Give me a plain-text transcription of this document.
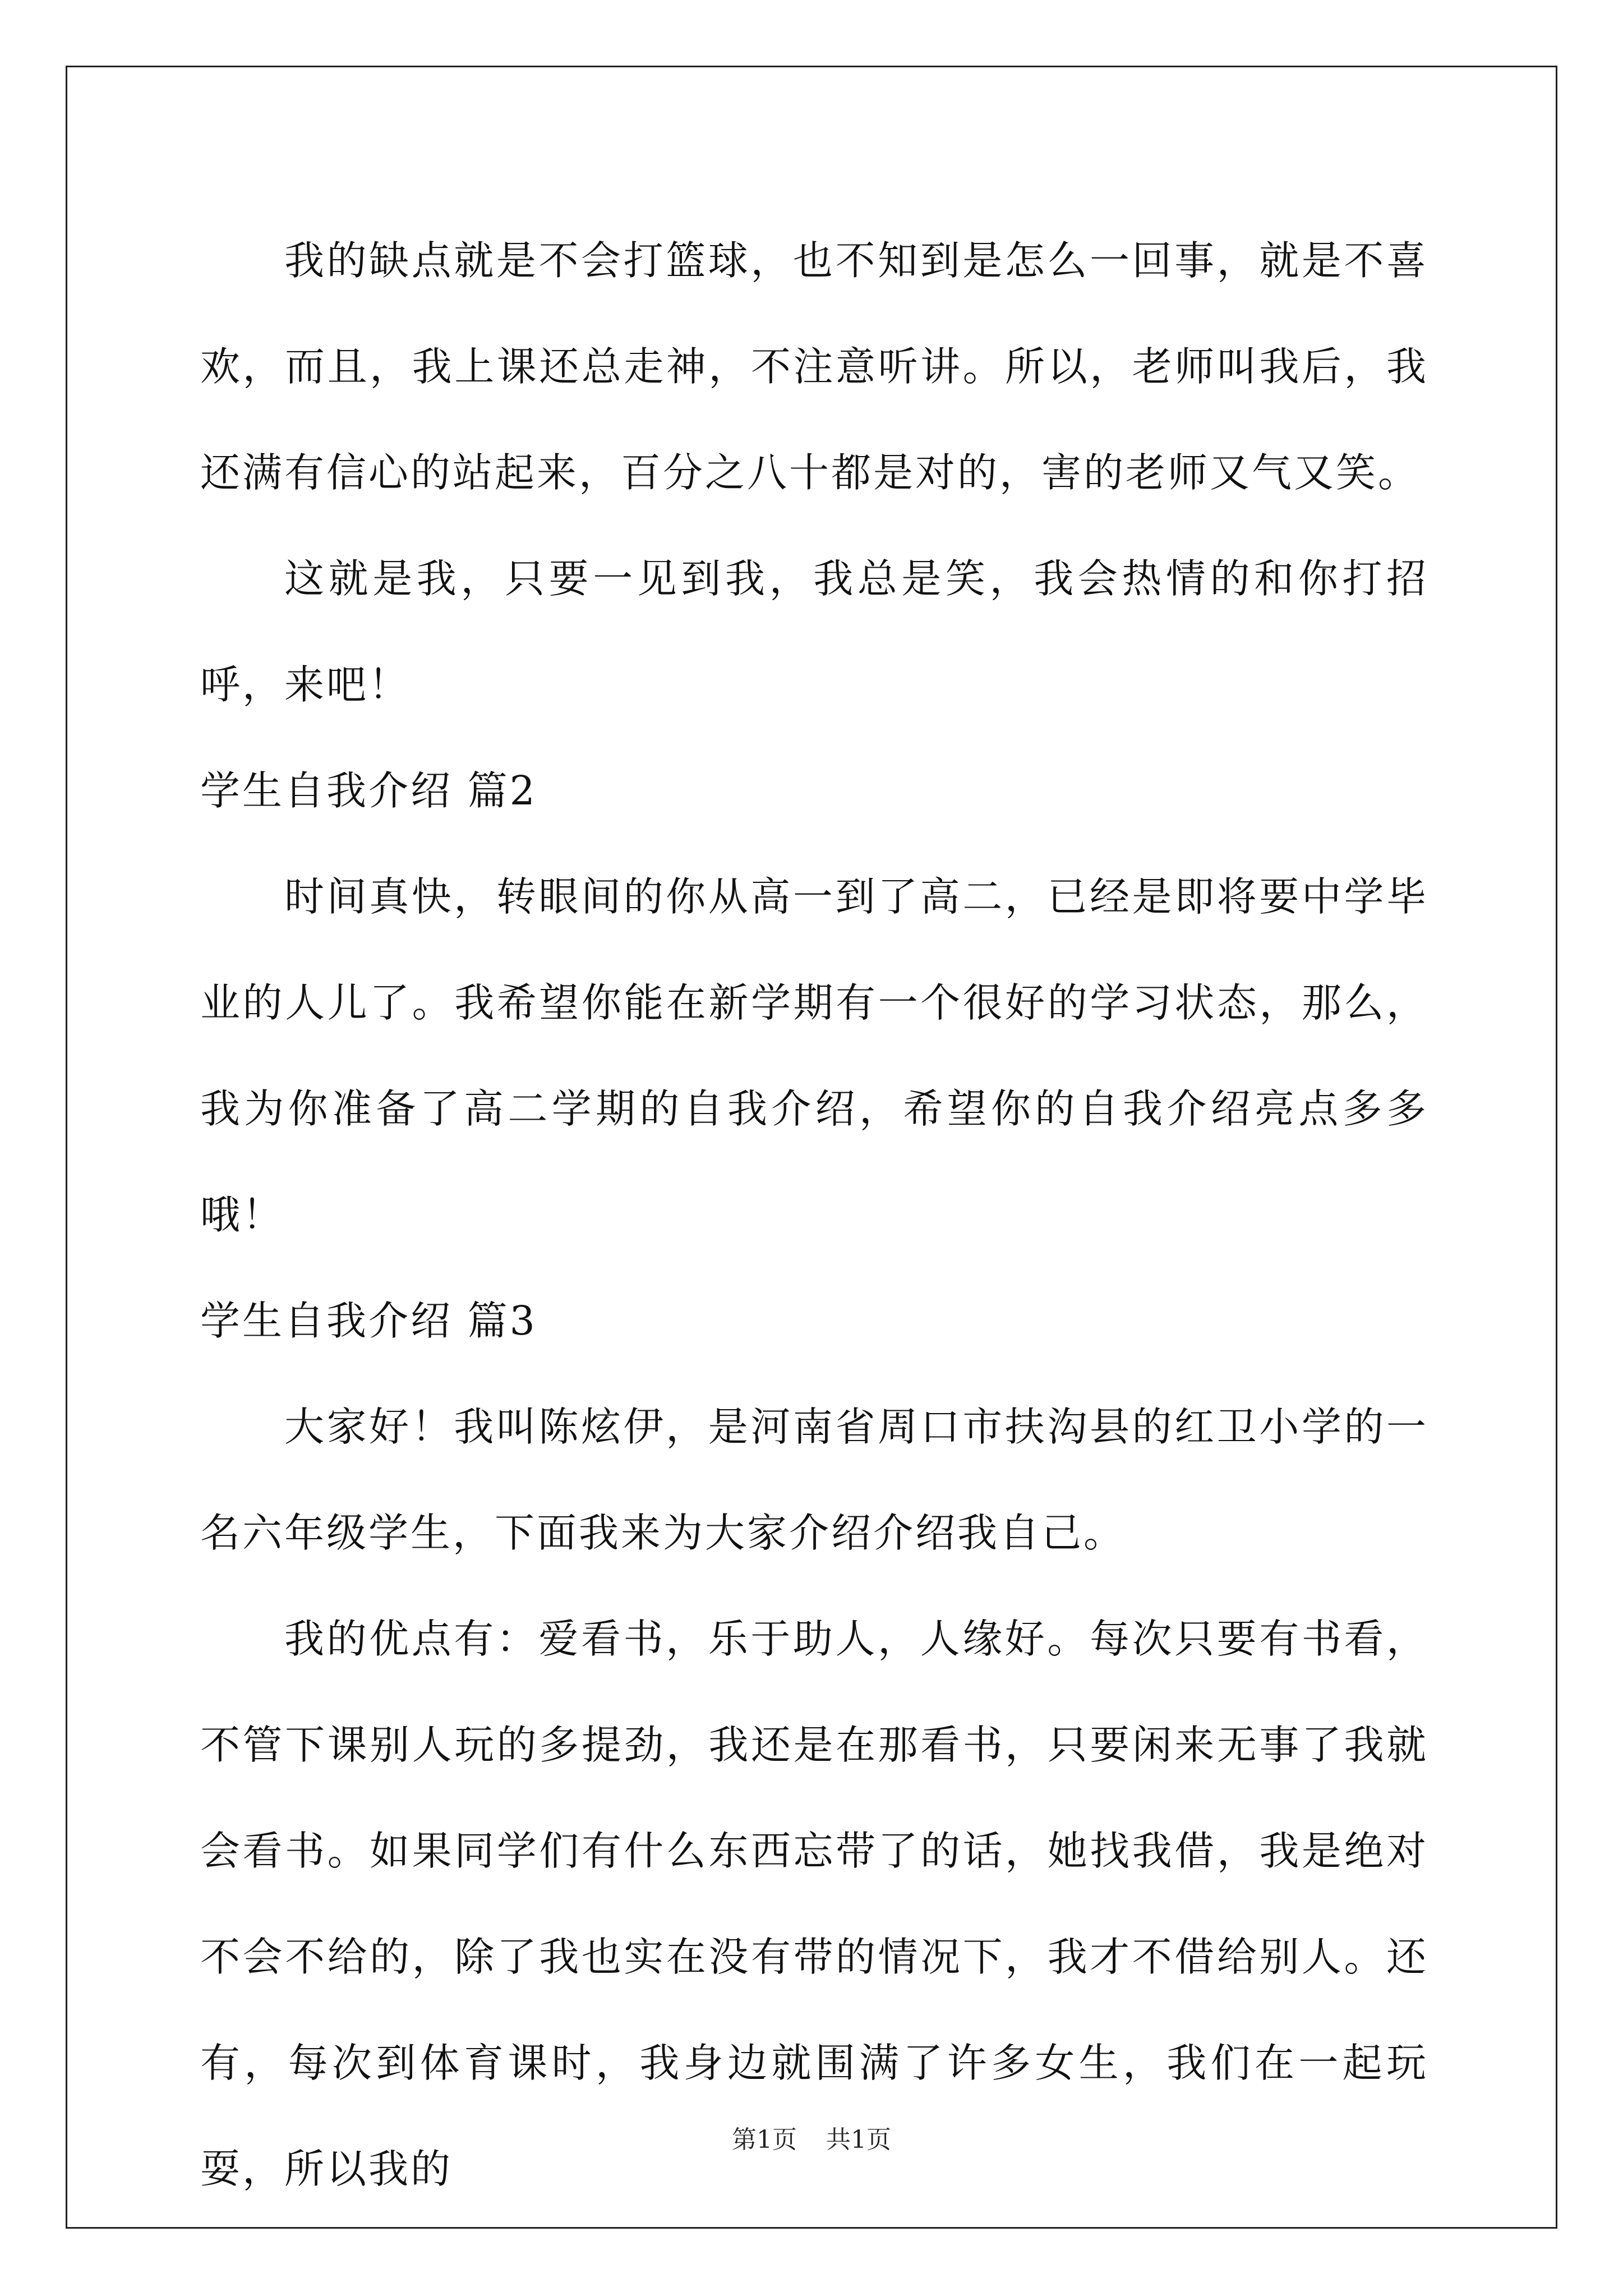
我的缺点就是不会打篮球，也不知到是怎么一回事，就是不喜欢，而且，我上课还总走神，不注意听讲。所以，老师叫我后，我还满有信心的站起来，百分之八十都是对的，害的老师又气又笑。

这就是我，只要一见到我，我总是笑，我会热情的和你打招呼，来吧！

学生自我介绍 篇2

时间真快，转眼间的你从高一到了高二，已经是即将要中学毕业的人儿了。我希望你能在新学期有一个很好的学习状态，那么，我为你准备了高二学期的自我介绍，希望你的自我介绍亮点多多哦！

学生自我介绍 篇3

大家好！我叫陈炫伊，是河南省周口市扶沟县的红卫小学的一名六年级学生，下面我来为大家介绍介绍我自己。

我的优点有：爱看书，乐于助人，人缘好。每次只要有书看，不管下课别人玩的多提劲，我还是在那看书，只要闲来无事了我就会看书。如果同学们有什么东西忘带了的话，她找我借，我是绝对不会不给的，除了我也实在没有带的情况下，我才不借给别人。还有，每次到体育课时，我身边就围满了许多女生，我们在一起玩耍，所以我的

第1页 共1页
